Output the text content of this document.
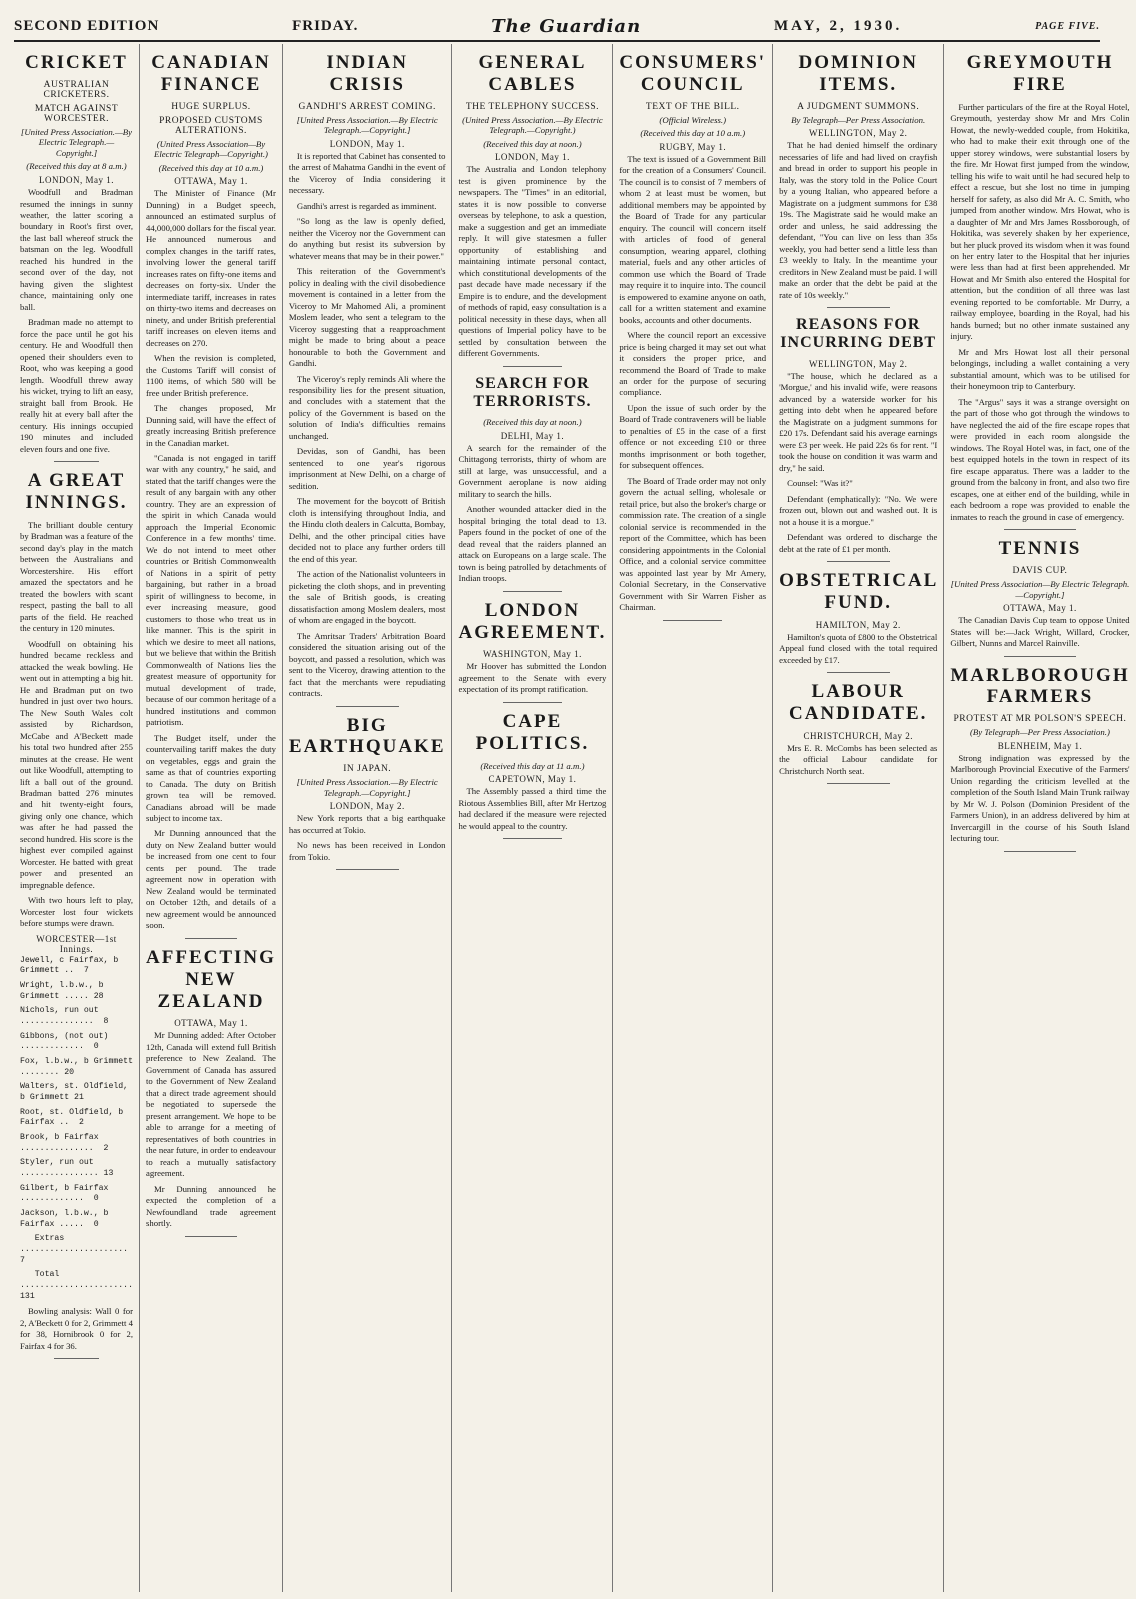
SECOND EDITION	FRIDAY.	The Guardian	MAY, 2, 1930.	PAGE FIVE.
CRICKET
AUSTRALIAN CRICKETERS.
MATCH AGAINST WORCESTER.
[United Press Association.—By Electric Telegraph.—Copyright.]
(Received this day at 8 a.m.)
LONDON, May 1.

Woodfull and Bradman resumed the innings in sunny weather, the latter scoring a boundary in Root's first over, the last ball whereof struck the batsman on the leg. Woodfull reached his hundred in the second over of the day, not having given the slightest chance, maintaining only one ball.

Bradman made no attempt to force the pace until he got his century. He and Woodfull then opened their shoulders even to Root, who was keeping a good length. Woodfull threw away his wicket, trying to lift an easy, straight ball from Brook. He really hit at every ball after the century. His innings occupied 190 minutes and included eleven fours and one five.

A GREAT INNINGS.

The brilliant double century by Bradman was a feature of the second day's play in the match between the Australians and Worcestershire. His effort amazed the spectators and he treated the bowlers with scant respect, pasting the ball to all parts of the field. He reached the century in 120 minutes.

Woodfull on obtaining his hundred became reckless and attacked the weak bowling. He went out in attempting a big hit. He and Bradman put on two hundred in just over two hours. The New South Wales colt assisted by Richardson, McCabe and A'Beckett made his total two hundred after 255 minutes at the crease. He went out like Woodfull, attempting to lift a ball out of the ground. Bradman batted 276 minutes and hit twenty-eight fours, giving only one chance, which was after he had passed the second hundred. His score is the highest ever compiled against Worcester. He batted with great power and presented an impregnable defence.

With two hours left to play, Worcester lost four wickets before stumps were drawn.

WORCESTER—1st Innings.
Jewell, c Fairfax, b Grimmett ..  7
Wright, l.b.w., b Grimmett ..... 28
Nichols, run out ...............  8
Gibbons, (not out) .............  0
Fox, l.b.w., b Grimmett ........ 20
Walters, st. Oldfield, b Grimmett 21
Root, st. Oldfield, b Fairfax ..  2
Brook, b Fairfax ...............  2
Styler, run out ................ 13
Gilbert, b Fairfax .............  0
Jackson, l.b.w., b Fairfax .....  0
Extras ......................  7
Total ....................... 131

Bowling analysis: Wall 0 for 2, A'Beckett 0 for 2, Grimmett 4 for 38, Hornibrook 0 for 2, Fairfax 4 for 36.

CANADIAN FINANCE
HUGE SURPLUS.
PROPOSED CUSTOMS ALTERATIONS.
(United Press Association—By Electric Telegraph—Copyright.)
(Received this day at 10 a.m.)
OTTAWA, May 1.

The Minister of Finance (Mr Dunning) in a Budget speech, announced an estimated surplus of 44,000,000 dollars for the fiscal year. He announced numerous and complex changes in the tariff rates, involving lower the general tariff increases rates on fifty-one items and decreases on forty-six. Under the intermediate tariff, increases in rates on thirty-two items and decreases on ninety, and under British preferential tariff increases on eleven items and decreases on 270.

When the revision is completed, the Customs Tariff will consist of 1100 items, of which 580 will be free under British preference.

The changes proposed, Mr Dunning said, will have the effect of greatly increasing British preference in the Canadian market.

"Canada is not engaged in tariff war with any country," he said, and stated that the tariff changes were the result of any bargain with any other country. They are an expression of the spirit in which Canada would approach the Imperial Economic Conference in a few months' time. We do not intend to meet other countries or British Commonwealth of Nations in a spirit of petty bargaining, but rather in a broad spirit of willingness to become, in ever increasing measure, good customers to those who treat us in like manner. This is the spirit in which we desire to meet all nations, but we believe that within the British Commonwealth of Nations lies the greatest measure of opportunity for mutual development of trade, because of our common heritage of a hundred institutions and common patriotism.

The Budget itself, under the countervailing tariff makes the duty on vegetables, eggs and grain the same as that of countries exporting to Canada. The duty on British grown tea will be removed. Canadians abroad will be made subject to income tax.

Mr Dunning announced that the duty on New Zealand butter would be increased from one cent to four cents per pound. The trade agreement now in operation with New Zealand would be terminated on October 12th, and details of a new agreement would be announced soon.

AFFECTING NEW ZEALAND
OTTAWA, May 1.

Mr Dunning added: After October 12th, Canada will extend full British preference to New Zealand. The Government of Canada has assured to the Government of New Zealand that a direct trade agreement should be negotiated to supersede the present arrangement. We hope to be able to arrange for a meeting of representatives of both countries in the near future, in order to endeavour to reach a mutually satisfactory agreement.

Mr Dunning announced he expected the completion of a Newfoundland trade agreement shortly.

INDIAN CRISIS
GANDHI'S ARREST COMING.
[United Press Association.—By Electric Telegraph.—Copyright.]
LONDON, May 1.

It is reported that Cabinet has consented to the arrest of Mahatma Gandhi in the event of the Viceroy of India considering it necessary.

Gandhi's arrest is regarded as imminent.

"So long as the law is openly defied, neither the Viceroy nor the Government can do anything but resist its subversion by whatever means that may be in their power."

This reiteration of the Government's policy in dealing with the civil disobedience movement is contained in a letter from the Viceroy to Mr Mahomed Ali, a prominent Moslem leader, who sent a telegram to the Viceroy suggesting that a reapproachment might be made to bring about a peace honourable to both the Government and Gandhi.

The Viceroy's reply reminds Ali where the responsibility lies for the present situation, and concludes with a statement that the policy of the Government is based on the solution of India's difficulties remains unchanged.

Devidas, son of Gandhi, has been sentenced to one year's rigorous imprisonment at New Delhi, on a charge of sedition.

The movement for the boycott of British cloth is intensifying throughout India, and the Hindu cloth dealers in Calcutta, Bombay, Delhi, and the other principal cities have decided not to place any further orders till the end of this year.

The action of the Nationalist volunteers in picketing the cloth shops, and in preventing the sale of British goods, is creating dissatisfaction among Moslem dealers, most of whom are engaged in the boycott.

The Amritsar Traders' Arbitration Board considered the situation arising out of the boycott, and passed a resolution, which was sent to the Viceroy, drawing attention to the fact that the merchants were repudiating contracts.

BIG EARTHQUAKE
IN JAPAN.
[United Press Association.—By Electric Telegraph.—Copyright.]
LONDON, May 2.

New York reports that a big earthquake has occurred at Tokio.

No news has been received in London from Tokio.

GENERAL CABLES
THE TELEPHONY SUCCESS.
(United Press Association.—By Electric Telegraph.—Copyright.)
(Received this day at noon.)
LONDON, May 1.

The Australia and London telephony test is given prominence by the newspapers. The "Times" in an editorial, states it is now possible to converse overseas by telephone, to ask a question, make a suggestion and get an immediate reply. It will give statesmen a fuller opportunity of establishing and maintaining intimate personal contact, which constitutional developments of the past decade have made necessary if the Empire is to endure, and the development of methods of rapid, easy consultation is a political necessity in these days, when all questions of Imperial policy have to be settled by consultation between the different Governments.

SEARCH FOR TERRORISTS.
(Received this day at noon.)
DELHI, May 1.

A search for the remainder of the Chittagong terrorists, thirty of whom are still at large, was unsuccessful, and a Government aeroplane is now aiding military to search the hills.

Another wounded attacker died in the hospital bringing the total dead to 13. Papers found in the pocket of one of the dead reveal that the raiders planned an attack on Europeans on a large scale. The town is being patrolled by detachments of Indian troops.

LONDON AGREEMENT.
WASHINGTON, May 1.

Mr Hoover has submitted the London agreement to the Senate with every expectation of its prompt ratification.

CAPE POLITICS.
(Received this day at 11 a.m.)
CAPETOWN, May 1.

The Assembly passed a third time the Riotous Assemblies Bill, after Mr Hertzog had declared if the measure were rejected he would appeal to the country.

CONSUMERS' COUNCIL
TEXT OF THE BILL.
(Official Wireless.)
(Received this day at 10 a.m.)
RUGBY, May 1.

The text is issued of a Government Bill for the creation of a Consumers' Council. The council is to consist of 7 members of whom 2 at least must be women, but additional members may be appointed by the Board of Trade for any particular enquiry. The council will concern itself with articles of food of general consumption, wearing apparel, clothing material, fuels and any other articles of common use which the Board of Trade may require it to inquire into. The council is empowered to examine anyone on oath, call for a written statement and examine books, accounts and other documents.

Where the council report an excessive price is being charged it may set out what it considers the proper price, and recommend the Board of Trade to make an order for the purpose of securing compliance.

Upon the issue of such order by the Board of Trade contraveners will be liable to penalties of £5 in the case of a first offence or not exceeding £10 or three months imprisonment or both together, for subsequent offences.

The Board of Trade order may not only govern the actual selling, wholesale or retail price, but also the broker's charge or commission rate. The creation of a single colonial service is recommended in the report of the Committee, which has been considering appointments in the Colonial Office, and a colonial service committee was appointed last year by Mr Amery, Colonial Secretary, in the Conservative Government with Sir Warren Fisher as Chairman.

DOMINION ITEMS.
A JUDGMENT SUMMONS.
By Telegraph—Per Press Association.
WELLINGTON, May 2.

That he had denied himself the ordinary necessaries of life and had lived on crayfish and bread in order to support his people in Italy, was the story told in the Police Court by a young Italian, who appeared before a Magistrate on a judgment summons for £38 19s. The Magistrate said he would make an order and unless, he said addressing the defendant, "You can live on less than 35s weekly, you had better send a little less than £3 weekly to Italy. In the meantime your creditors in New Zealand must be paid. I will make an order that the debt be paid at the rate of 10s weekly."

REASONS FOR INCURRING DEBT
WELLINGTON, May 2.

"The house, which he declared as a 'Morgue,' and his invalid wife, were reasons advanced by a waterside worker for his getting into debt when he appeared before the Magistrate on a judgment summons for £20 17s. Defendant said his average earnings were £3 per week. He paid 22s 6s for rent. "I took the house on condition it was warm and dry," he said.

Counsel: "Was it?"

Defendant (emphatically): "No. We were frozen out, blown out and washed out. It is not a house it is a morgue."

Defendant was ordered to discharge the debt at the rate of £1 per month.

OBSTETRICAL FUND.
HAMILTON, May 2.

Hamilton's quota of £800 to the Obstetrical Appeal fund closed with the total required exceeded by £17.

LABOUR CANDIDATE.
CHRISTCHURCH, May 2.

Mrs E. R. McCombs has been selected as the official Labour candidate for Christchurch North seat.

GREYMOUTH FIRE

Further particulars of the fire at the Royal Hotel, Greymouth, yesterday show Mr and Mrs Colin Howat, the newly-wedded couple, from Hokitika, who had to make their exit through one of the upper storey windows, were substantial losers by the fire. Mr Howat first jumped from the window, telling his wife to wait until he had secured help to effect a rescue, but she lost no time in jumping herself for safety, as also did Mr A. C. Smith, who jumped from another window. Mrs Howat, who is a daughter of Mr and Mrs James Rossborough, of Hokitika, was severely shaken by her experience, but her pluck proved its wisdom when it was found on her entry later to the Hospital that her injuries were less than had at first been apprehended. Mr Howat and Mr Smith also entered the Hospital for attention, but the condition of all three was last evening reported to be comfortable. Mr Durry, a railway employee, boarding in the Royal, had his hands burned; but no other inmate sustained any injury.

Mr and Mrs Howat lost all their personal belongings, including a wallet containing a very substantial amount, which was to be utilised for their honeymoon trip to Canterbury.

The "Argus" says it was a strange oversight on the part of those who got through the windows to have neglected the aid of the fire escape ropes that were provided in each room alongside the windows. The Royal Hotel was, in fact, one of the best equipped hotels in the town in respect of its fire escape apparatus. There was a ladder to the ground from the balcony in front, and also two fire escapes, one at either end of the building, while in each bedroom a rope was provided to enable the inmates to reach the ground in case of emergency.

TENNIS
DAVIS CUP.
[United Press Association—By Electric Telegraph.—Copyright.]
OTTAWA, May 1.

The Canadian Davis Cup team to oppose United States will be:—Jack Wright, Willard, Crocker, Gilbert, Nunns and Marcel Rainville.

MARLBOROUGH FARMERS
PROTEST AT MR POLSON'S SPEECH.
(By Telegraph—Per Press Association.)
BLENHEIM, May 1.

Strong indignation was expressed by the Marlborough Provincial Executive of the Farmers' Union regarding the criticism levelled at the completion of the South Island Main Trunk railway by Mr W. J. Polson (Dominion President of the Farmers Union), in an address delivered by him at Invercargill in the course of his South Island lecturing tour.
